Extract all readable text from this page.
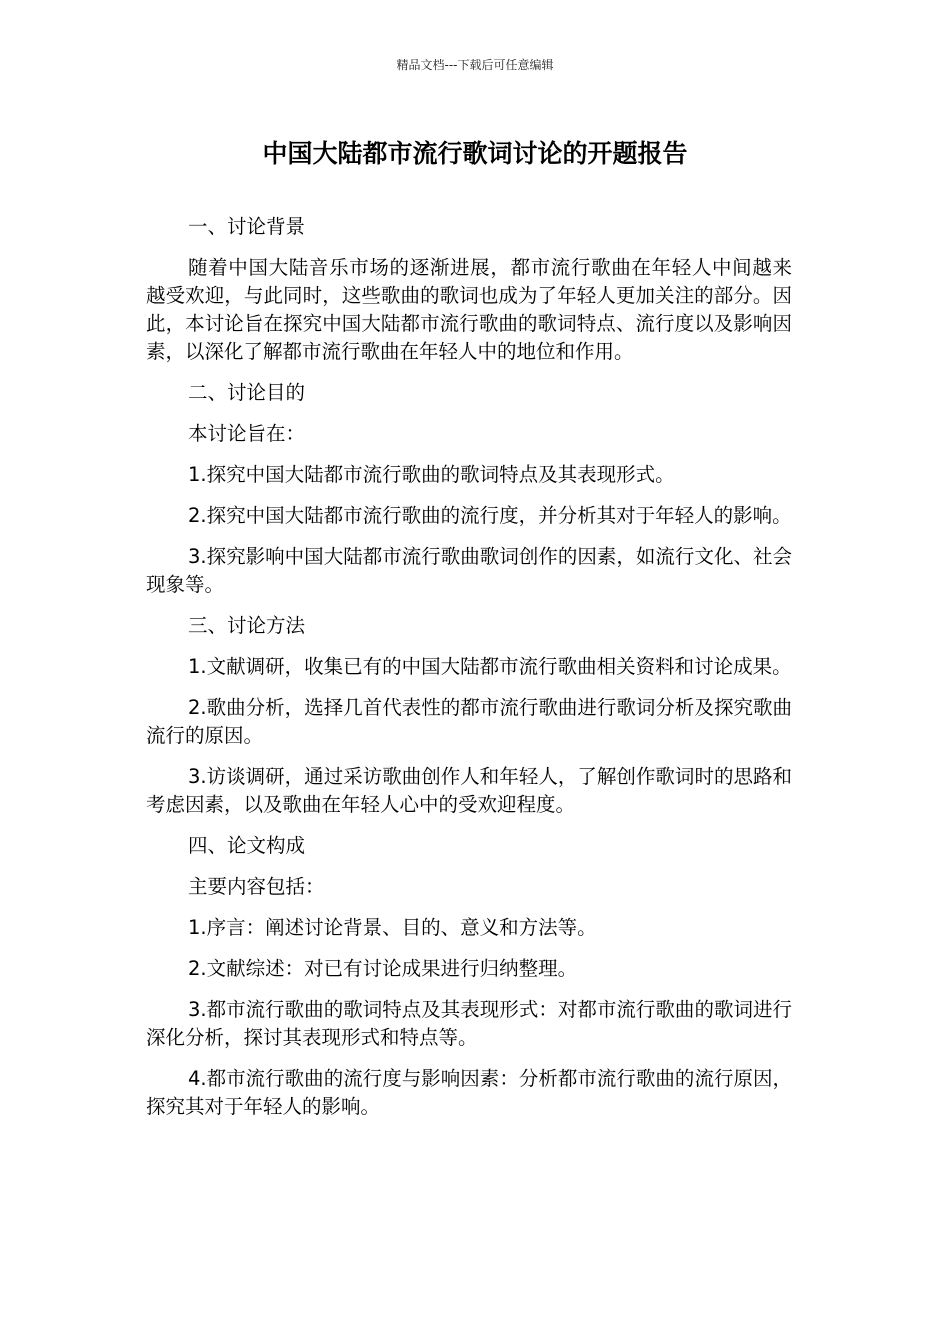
精品文档---下载后可任意编辑
中国大陆都市流行歌词讨论的开题报告

一、讨论背景

随着中国大陆音乐市场的逐渐进展，都市流行歌曲在年轻人中间越来越受欢迎，与此同时，这些歌曲的歌词也成为了年轻人更加关注的部分。因此，本讨论旨在探究中国大陆都市流行歌曲的歌词特点、流行度以及影响因素，以深化了解都市流行歌曲在年轻人中的地位和作用。

二、讨论目的

本讨论旨在：

1.探究中国大陆都市流行歌曲的歌词特点及其表现形式。

2.探究中国大陆都市流行歌曲的流行度，并分析其对于年轻人的影响。

3.探究影响中国大陆都市流行歌曲歌词创作的因素，如流行文化、社会现象等。

三、讨论方法

1.文献调研，收集已有的中国大陆都市流行歌曲相关资料和讨论成果。

2.歌曲分析，选择几首代表性的都市流行歌曲进行歌词分析及探究歌曲流行的原因。

3.访谈调研，通过采访歌曲创作人和年轻人，了解创作歌词时的思路和考虑因素，以及歌曲在年轻人心中的受欢迎程度。

四、论文构成

主要内容包括：

1.序言：阐述讨论背景、目的、意义和方法等。

2.文献综述：对已有讨论成果进行归纳整理。

3.都市流行歌曲的歌词特点及其表现形式：对都市流行歌曲的歌词进行深化分析，探讨其表现形式和特点等。

4.都市流行歌曲的流行度与影响因素：分析都市流行歌曲的流行原因，探究其对于年轻人的影响。
